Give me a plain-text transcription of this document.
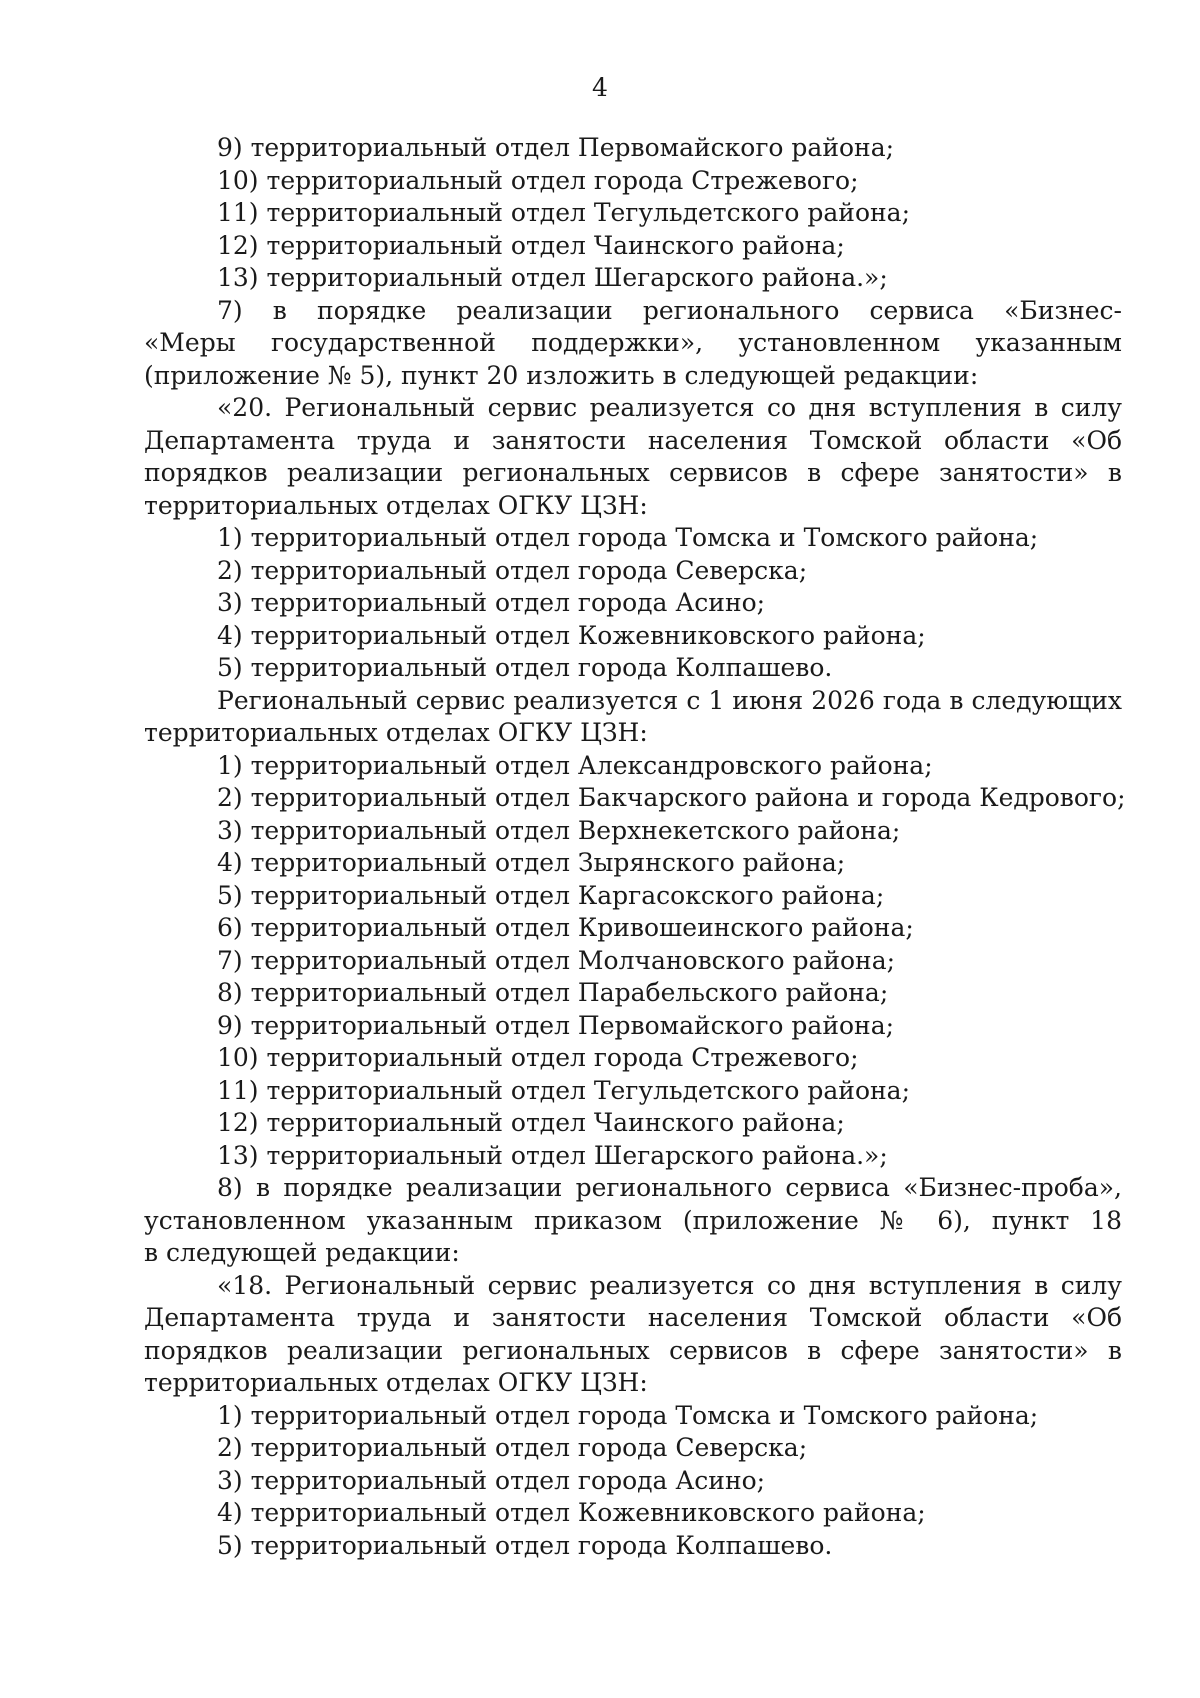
4
9) территориальный отдел Первомайского района;
10) территориальный отдел города Стрежевого;
11) территориальный отдел Тегульдетского района;
12) территориальный отдел Чаинского района;
13) территориальный отдел Шегарского района.»;
7) в порядке реализации регионального сервиса «Бизнес-
«Меры государственной поддержки», установленном указанным
(приложение № 5), пункт 20 изложить в следующей редакции:
«20. Региональный сервис реализуется со дня вступления в силу
Департамента труда и занятости населения Томской области «Об
порядков реализации региональных сервисов в сфере занятости» в
территориальных отделах ОГКУ ЦЗН:
1) территориальный отдел города Томска и Томского района;
2) территориальный отдел города Северска;
3) территориальный отдел города Асино;
4) территориальный отдел Кожевниковского района;
5) территориальный отдел города Колпашево.
Региональный сервис реализуется с 1 июня 2026 года в следующих
территориальных отделах ОГКУ ЦЗН:
1) территориальный отдел Александровского района;
2) территориальный отдел Бакчарского района и города Кедрового;
3) территориальный отдел Верхнекетского района;
4) территориальный отдел Зырянского района;
5) территориальный отдел Каргасокского района;
6) территориальный отдел Кривошеинского района;
7) территориальный отдел Молчановского района;
8) территориальный отдел Парабельского района;
9) территориальный отдел Первомайского района;
10) территориальный отдел города Стрежевого;
11) территориальный отдел Тегульдетского района;
12) территориальный отдел Чаинского района;
13) территориальный отдел Шегарского района.»;
8) в порядке реализации регионального сервиса «Бизнес-проба»,
установленном указанным приказом (приложение № 6), пункт 18
в следующей редакции:
«18. Региональный сервис реализуется со дня вступления в силу
Департамента труда и занятости населения Томской области «Об
порядков реализации региональных сервисов в сфере занятости» в
территориальных отделах ОГКУ ЦЗН:
1) территориальный отдел города Томска и Томского района;
2) территориальный отдел города Северска;
3) территориальный отдел города Асино;
4) территориальный отдел Кожевниковского района;
5) территориальный отдел города Колпашево.
